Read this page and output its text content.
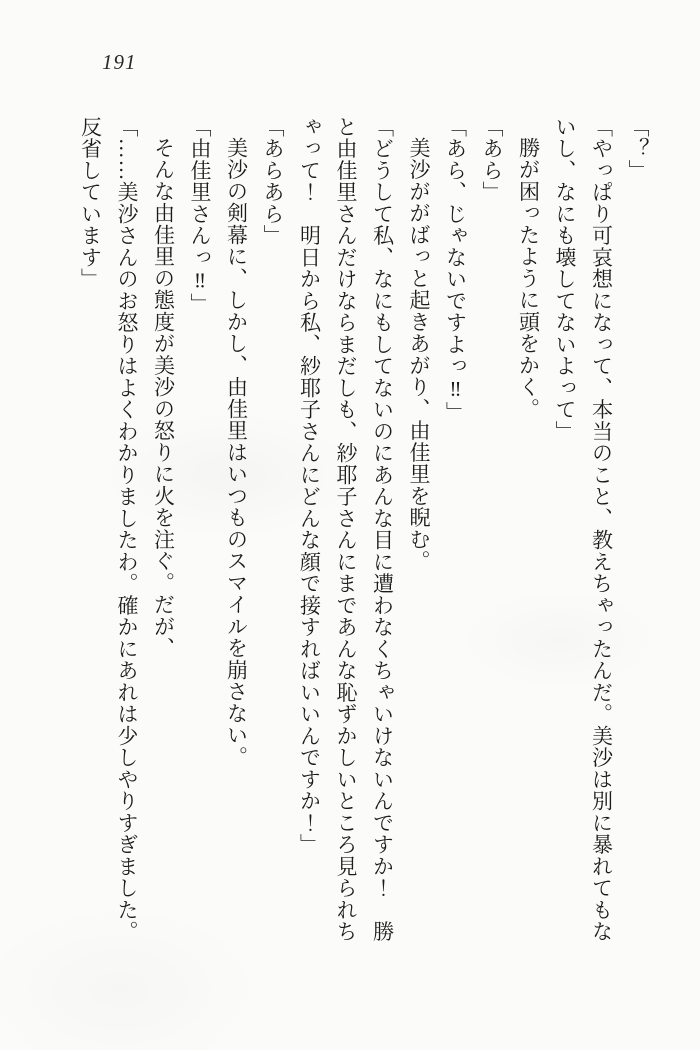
191

「？」

「やっぱり可哀想になって、本当のこと、教えちゃったんだ。美沙は別に暴れてもないし、なにも壊してないよって」

勝が困ったように頭をかく。

「あら」

「あら、じゃないですよっ‼」

美沙ががばっと起きあがり、由佳里を睨む。

「どうして私、なにもしてないのにあんな目に遭わなくちゃいけないんですか！　勝と由佳里さんだけならまだしも、紗耶子さんにまであんな恥ずかしいところ見られちゃって！　明日から私、紗耶子さんにどんな顔で接すればいいんですか！」

「あらあら」

美沙の剣幕に、しかし、由佳里はいつものスマイルを崩さない。

「由佳里さんっ‼」

そんな由佳里の態度が美沙の怒りに火を注ぐ。だが、

「……美沙さんのお怒りはよくわかりましたわ。確かにあれは少しやりすぎました。反省しています」
